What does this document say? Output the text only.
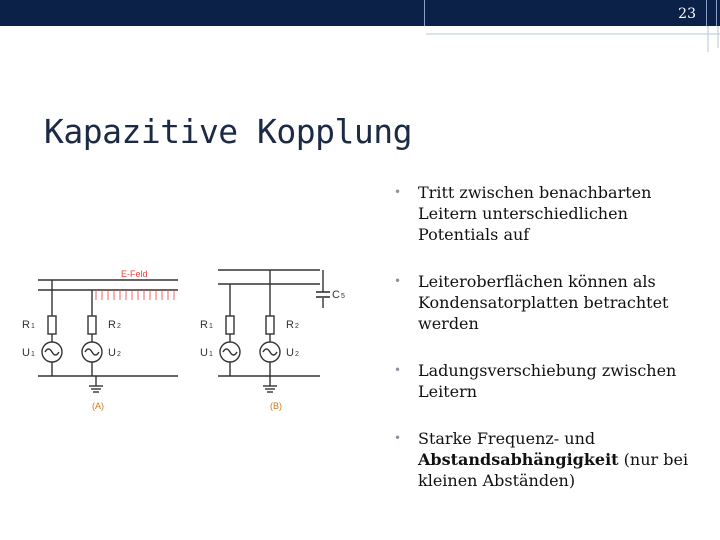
23
Kapazitive Kopplung
• Tritt zwischen benachbarten Leitern unterschiedlichen Potentials auf
• Leiteroberflächen können als Kondensatorplatten betrachtet werden
• Ladungsverschiebung zwischen Leitern
• Starke Frequenz- und Abstandsabhängigkeit (nur bei kleinen Abständen)
E-Feld
R1	R2
U1	U2
(A)
C5
R1	R2
U1	U2
(B)
